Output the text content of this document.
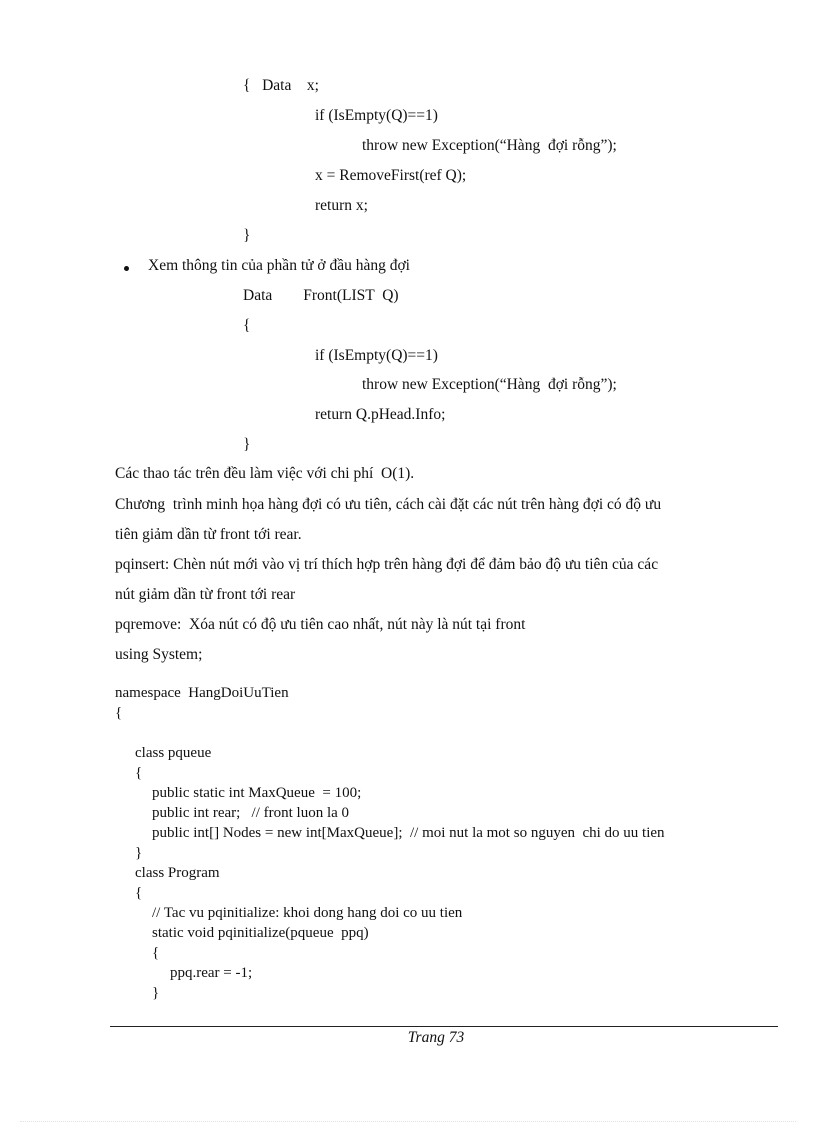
{   Data    x;
if (IsEmpty(Q)==1)
throw new Exception(“Hàng  đợi rỗng”);
x = RemoveFirst(ref Q);
return x;
}
Xem thông tin của phần tử ở đầu hàng đợi
Data        Front(LIST  Q)
{
if (IsEmpty(Q)==1)
throw new Exception(“Hàng  đợi rỗng”);
return Q.pHead.Info;
}
Các thao tác trên đều làm việc với chi phí  O(1).
Chương  trình minh họa hàng đợi có ưu tiên, cách cài đặt các nút trên hàng đợi có độ ưu
tiên giảm dần từ front tới rear.
pqinsert: Chèn nút mới vào vị trí thích hợp trên hàng đợi để đảm bảo độ ưu tiên của các
nút giảm dần từ front tới rear
pqremove:  Xóa nút có độ ưu tiên cao nhất, nút này là nút tại front
using System;
namespace  HangDoiUuTien
{
class pqueue
{
public static int MaxQueue  = 100;
public int rear;   // front luon la 0
public int[] Nodes = new int[MaxQueue];  // moi nut la mot so nguyen  chi do uu tien
}
class Program
{
// Tac vu pqinitialize: khoi dong hang doi co uu tien
static void pqinitialize(pqueue  ppq)
{
ppq.rear = -1;
}
Trang 73
